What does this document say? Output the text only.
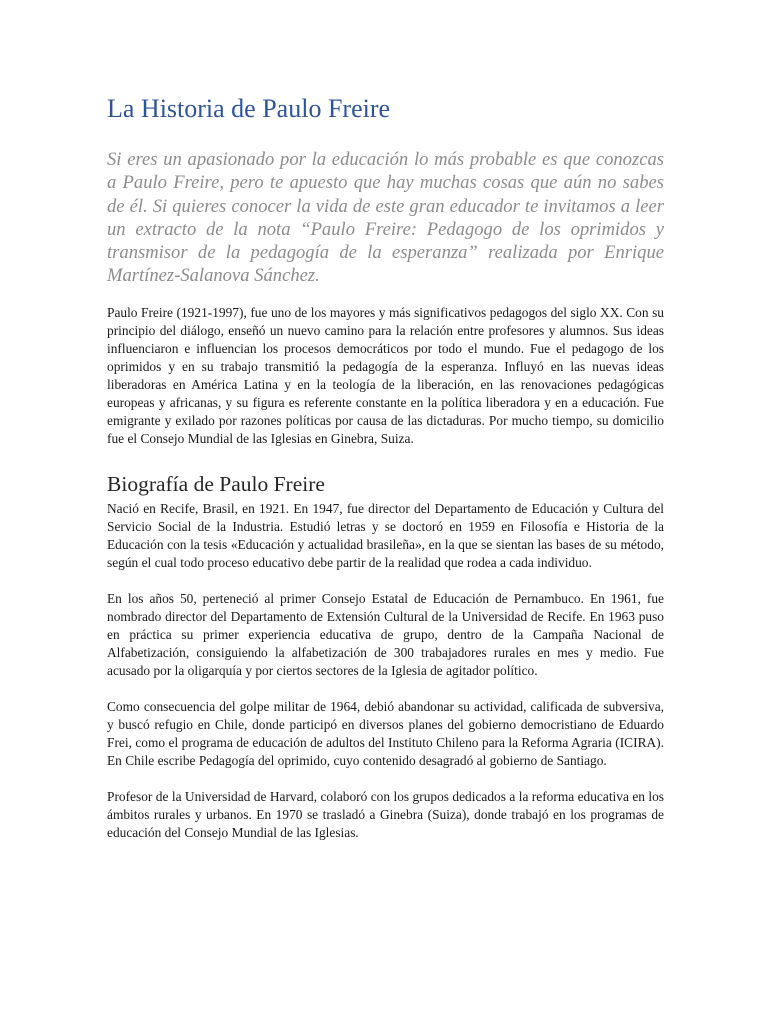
La Historia de Paulo Freire

Si eres un apasionado por la educación lo más probable es que conozcas a Paulo Freire, pero te apuesto que hay muchas cosas que aún no sabes de él. Si quieres conocer la vida de este gran educador te invitamos a leer un extracto de la nota “Paulo Freire: Pedagogo de los oprimidos y transmisor de la pedagogía de la esperanza” realizada por Enrique Martínez-Salanova Sánchez.

Paulo Freire (1921-1997), fue uno de los mayores y más significativos pedagogos del siglo XX. Con su principio del diálogo, enseñó un nuevo camino para la relación entre profesores y alumnos. Sus ideas influenciaron e influencian los procesos democráticos por todo el mundo. Fue el pedagogo de los oprimidos y en su trabajo transmitió la pedagogía de la esperanza. Influyó en las nuevas ideas liberadoras en América Latina y en la teología de la liberación, en las renovaciones pedagógicas europeas y africanas, y su figura es referente constante en la política liberadora y en a educación. Fue emigrante y exilado por razones políticas por causa de las dictaduras. Por mucho tiempo, su domicilio fue el Consejo Mundial de las Iglesias en Ginebra, Suiza.

Biografía de Paulo Freire

Nació en Recife, Brasil, en 1921. En 1947, fue director del Departamento de Educación y Cultura del Servicio Social de la Industria. Estudió letras y se doctoró en 1959 en Filosofía e Historia de la Educación con la tesis «Educación y actualidad brasileña», en la que se sientan las bases de su método, según el cual todo proceso educativo debe partir de la realidad que rodea a cada individuo.

En los años 50, perteneció al primer Consejo Estatal de Educación de Pernambuco. En 1961, fue nombrado director del Departamento de Extensión Cultural de la Universidad de Recife. En 1963 puso en práctica su primer experiencia educativa de grupo, dentro de la Campaña Nacional de Alfabetización, consiguiendo la alfabetización de 300 trabajadores rurales en mes y medio. Fue acusado por la oligarquía y por ciertos sectores de la Iglesia de agitador político.

Como consecuencia del golpe militar de 1964, debió abandonar su actividad, calificada de subversiva, y buscó refugio en Chile, donde participó en diversos planes del gobierno democristiano de Eduardo Frei, como el programa de educación de adultos del Instituto Chileno para la Reforma Agraria (ICIRA). En Chile escribe Pedagogía del oprimido, cuyo contenido desagradó al gobierno de Santiago.

Profesor de la Universidad de Harvard, colaboró con los grupos dedicados a la reforma educativa en los ámbitos rurales y urbanos. En 1970 se trasladó a Ginebra (Suiza), donde trabajó en los programas de educación del Consejo Mundial de las Iglesias.
